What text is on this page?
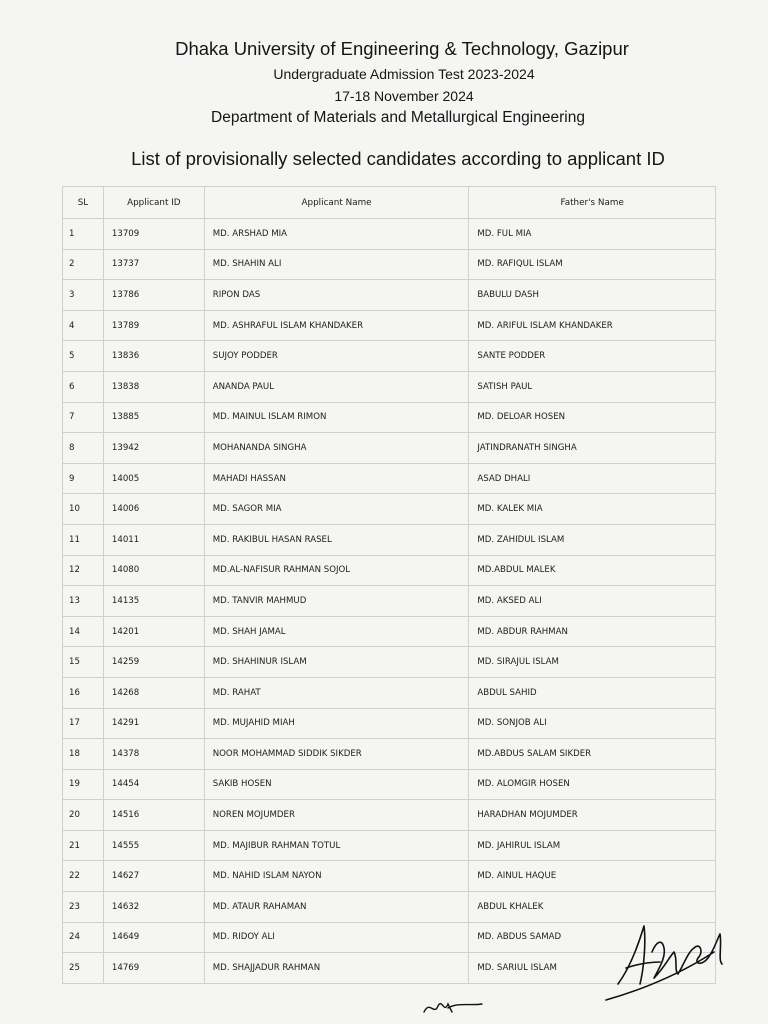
Dhaka University of Engineering & Technology, Gazipur
Undergraduate Admission Test 2023-2024
17-18 November 2024
Department of Materials and Metallurgical Engineering
List of provisionally selected candidates according to applicant ID
SL	Applicant ID	Applicant Name	Father's Name
1	13709	MD. ARSHAD MIA	MD. FUL MIA
2	13737	MD. SHAHIN ALI	MD. RAFIQUL ISLAM
3	13786	RIPON DAS	BABULU DASH
4	13789	MD. ASHRAFUL ISLAM KHANDAKER	MD. ARIFUL ISLAM KHANDAKER
5	13836	SUJOY PODDER	SANTE PODDER
6	13838	ANANDA PAUL	SATISH PAUL
7	13885	MD. MAINUL ISLAM RIMON	MD. DELOAR HOSEN
8	13942	MOHANANDA SINGHA	JATINDRANATH SINGHA
9	14005	MAHADI HASSAN	ASAD DHALI
10	14006	MD. SAGOR MIA	MD. KALEK MIA
11	14011	MD. RAKIBUL HASAN RASEL	MD. ZAHIDUL ISLAM
12	14080	MD.AL-NAFISUR RAHMAN SOJOL	MD.ABDUL MALEK
13	14135	MD. TANVIR MAHMUD	MD. AKSED ALI
14	14201	MD. SHAH JAMAL	MD. ABDUR RAHMAN
15	14259	MD. SHAHINUR ISLAM	MD. SIRAJUL ISLAM
16	14268	MD. RAHAT	ABDUL SAHID
17	14291	MD. MUJAHID MIAH	MD. SONJOB ALI
18	14378	NOOR MOHAMMAD SIDDIK SIKDER	MD.ABDUS SALAM SIKDER
19	14454	SAKIB HOSEN	MD. ALOMGIR HOSEN
20	14516	NOREN MOJUMDER	HARADHAN MOJUMDER
21	14555	MD. MAJIBUR RAHMAN TOTUL	MD. JAHIRUL ISLAM
22	14627	MD. NAHID ISLAM NAYON	MD. AINUL HAQUE
23	14632	MD. ATAUR RAHAMAN	ABDUL KHALEK
24	14649	MD. RIDOY ALI	MD. ABDUS SAMAD
25	14769	MD. SHAJJADUR RAHMAN	MD. SARIUL ISLAM
